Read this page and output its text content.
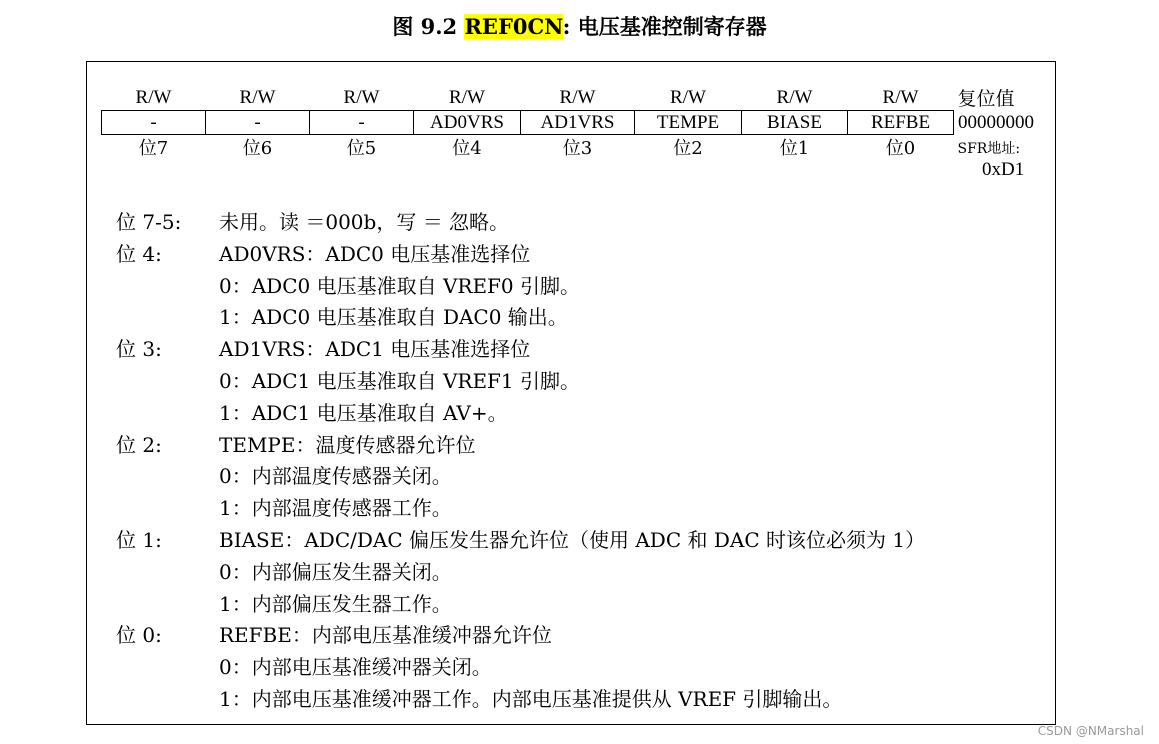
图 9.2 REF0CN: 电压基准控制寄存器
R/W	R/W	R/W	R/W	R/W	R/W	R/W	R/W	复位值
-	-	-	AD0VRS	AD1VRS	TEMPE	BIASE	REFBE	00000000
位7	位6	位5	位4	位3	位2	位1	位0	SFR地址:
0xD1
位 7-5: 未用。读 ＝000b，写 ＝ 忽略。
位 4:	AD0VRS：ADC0 电压基准选择位
0：ADC0 电压基准取自 VREF0 引脚。
1：ADC0 电压基准取自 DAC0 输出。
位 3:	AD1VRS：ADC1 电压基准选择位
0：ADC1 电压基准取自 VREF1 引脚。
1：ADC1 电压基准取自 AV+。
位 2:	TEMPE：温度传感器允许位
0：内部温度传感器关闭。
1：内部温度传感器工作。
位 1:	BIASE：ADC/DAC 偏压发生器允许位（使用 ADC 和 DAC 时该位必须为 1）
0：内部偏压发生器关闭。
1：内部偏压发生器工作。
位 0:	REFBE：内部电压基准缓冲器允许位
0：内部电压基准缓冲器关闭。
1：内部电压基准缓冲器工作。内部电压基准提供从 VREF 引脚输出。
CSDN @NMarshal
